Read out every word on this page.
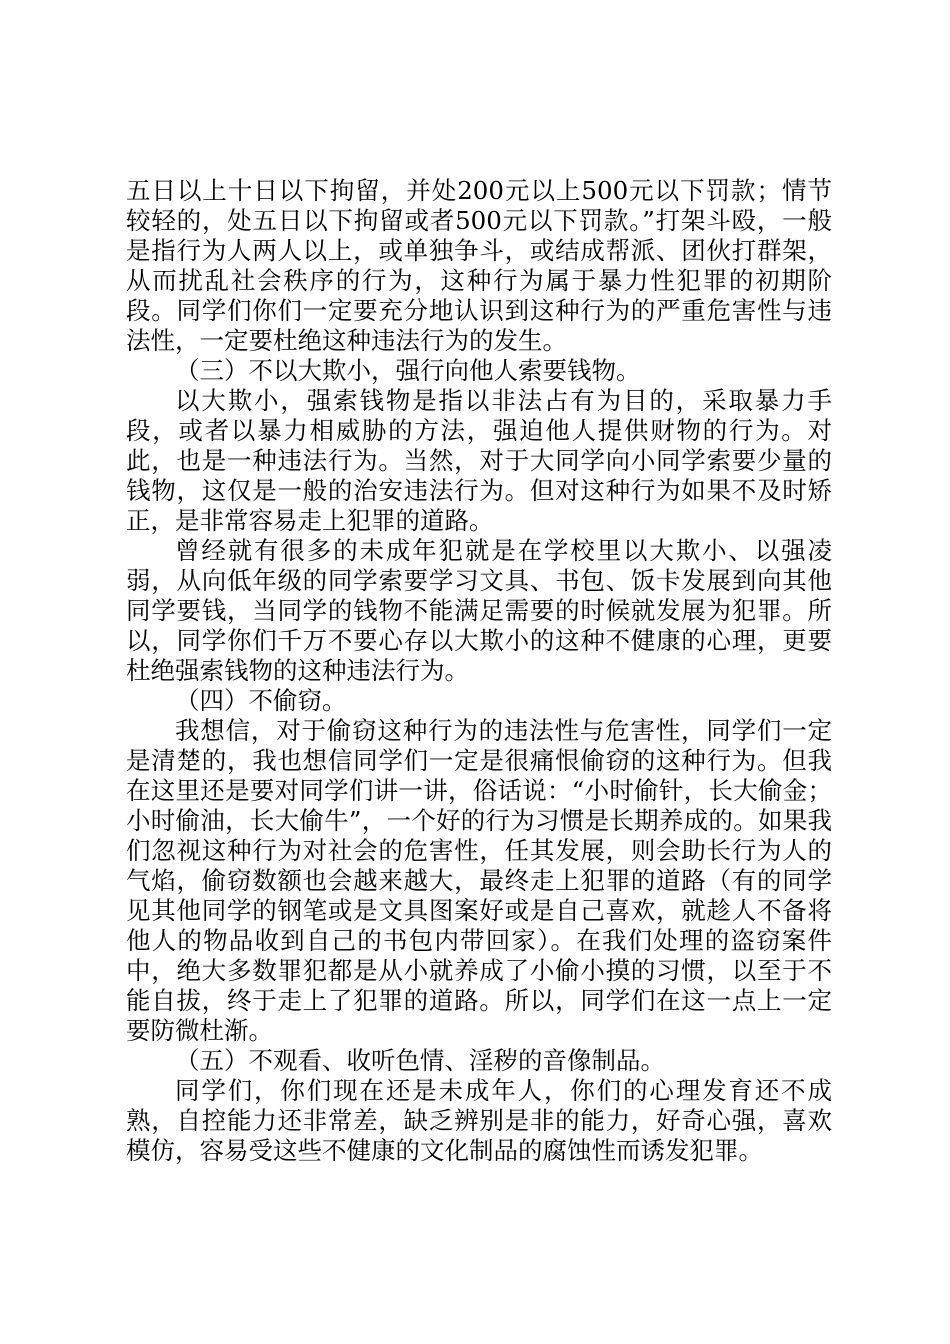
五日以上十日以下拘留，并处200元以上500元以下罚款；情节较轻的，处五日以下拘留或者500元以下罚款。”打架斗殴，一般是指行为人两人以上，或单独争斗，或结成帮派、团伙打群架，从而扰乱社会秩序的行为，这种行为属于暴力性犯罪的初期阶段。同学们你们一定要充分地认识到这种行为的严重危害性与违法性，一定要杜绝这种违法行为的发生。

（三）不以大欺小，强行向他人索要钱物。

以大欺小，强索钱物是指以非法占有为目的，采取暴力手段，或者以暴力相威胁的方法，强迫他人提供财物的行为。对此，也是一种违法行为。当然，对于大同学向小同学索要少量的钱物，这仅是一般的治安违法行为。但对这种行为如果不及时矫正，是非常容易走上犯罪的道路。

曾经就有很多的未成年犯就是在学校里以大欺小、以强凌弱，从向低年级的同学索要学习文具、书包、饭卡发展到向其他同学要钱，当同学的钱物不能满足需要的时候就发展为犯罪。所以，同学你们千万不要心存以大欺小的这种不健康的心理，更要杜绝强索钱物的这种违法行为。

（四）不偷窃。

我想信，对于偷窃这种行为的违法性与危害性，同学们一定是清楚的，我也想信同学们一定是很痛恨偷窃的这种行为。但我在这里还是要对同学们讲一讲，俗话说：“小时偷针，长大偷金；小时偷油，长大偷牛”，一个好的行为习惯是长期养成的。如果我们忽视这种行为对社会的危害性，任其发展，则会助长行为人的气焰，偷窃数额也会越来越大，最终走上犯罪的道路（有的同学见其他同学的钢笔或是文具图案好或是自己喜欢，就趁人不备将他人的物品收到自己的书包内带回家）。在我们处理的盗窃案件中，绝大多数罪犯都是从小就养成了小偷小摸的习惯，以至于不能自拔，终于走上了犯罪的道路。所以，同学们在这一点上一定要防微杜渐。

（五）不观看、收听色情、淫秽的音像制品。

同学们，你们现在还是未成年人，你们的心理发育还不成熟，自控能力还非常差，缺乏辨别是非的能力，好奇心强，喜欢模仿，容易受这些不健康的文化制品的腐蚀性而诱发犯罪。
